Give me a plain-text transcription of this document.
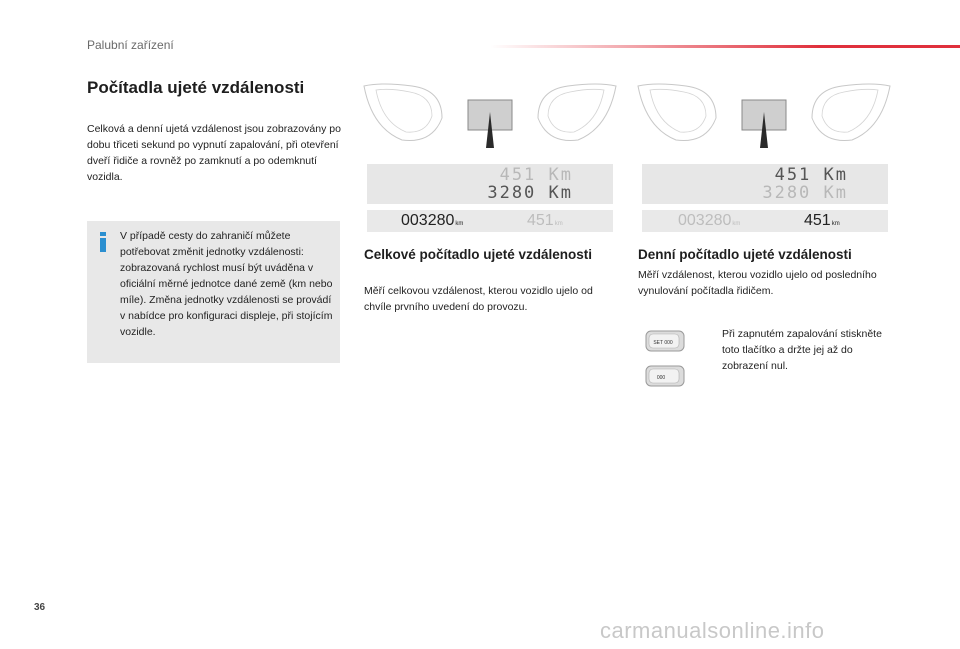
Palubní zařízení
Počítadla ujeté vzdálenosti
Celková a denní ujetá vzdálenost jsou zobrazovány po dobu třiceti sekund po vypnutí zapalování, při otevření dveří řidiče a rovněž po zamknutí a po odemknutí vozidla.
V případě cesty do zahraničí můžete potřebovat změnit jednotky vzdálenosti: zobrazovaná rychlost musí být uváděna v oficiální měrné jednotce dané země (km nebo míle). Změna jednotky vzdálenosti se provádí v nabídce pro konfiguraci displeje, při stojícím vozidle.
451 Km
3280 Km
003280km	451km
Celkové počítadlo ujeté vzdálenosti
Měří celkovou vzdálenost, kterou vozidlo ujelo od chvíle prvního uvedení do provozu.
451 Km
3280 Km
003280km	451km
Denní počítadlo ujeté vzdálenosti
Měří vzdálenost, kterou vozidlo ujelo od posledního vynulování počítadla řidičem.
SET 000
000
Při zapnutém zapalování stiskněte toto tlačítko a držte jej až do zobrazení nul.
36
carmanualsonline.info
